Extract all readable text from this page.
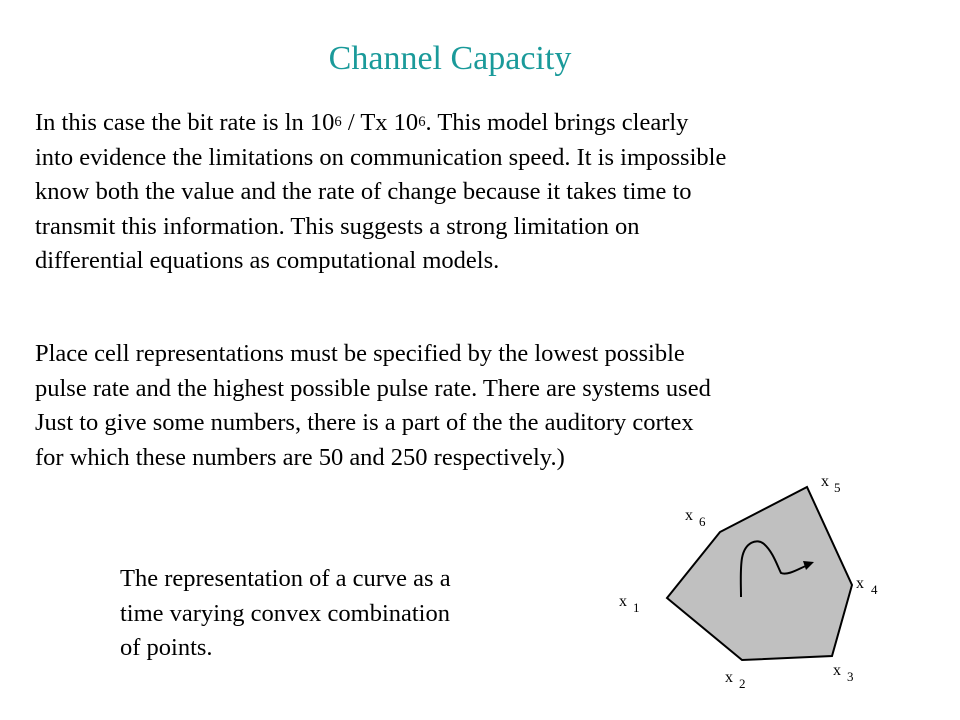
Channel Capacity
In this case the bit rate is $\ln 10^6$ / Tx $10^6$. This model brings clearly
into evidence the limitations on communication speed. It is impossible
know both the value and the rate of change because it takes time to
transmit this information. This suggests a strong limitation on
differential equations as computational models.
Place cell representations must be specified by the lowest possible
pulse rate and the highest possible pulse rate. There are systems used
Just to give some numbers, there is a part of the the auditory cortex
for which these numbers are 50 and 250 respectively.)
The representation of a curve as a
time varying convex combination
of points.
x 1
x 2
x 3
x 4
x 5
x 6
